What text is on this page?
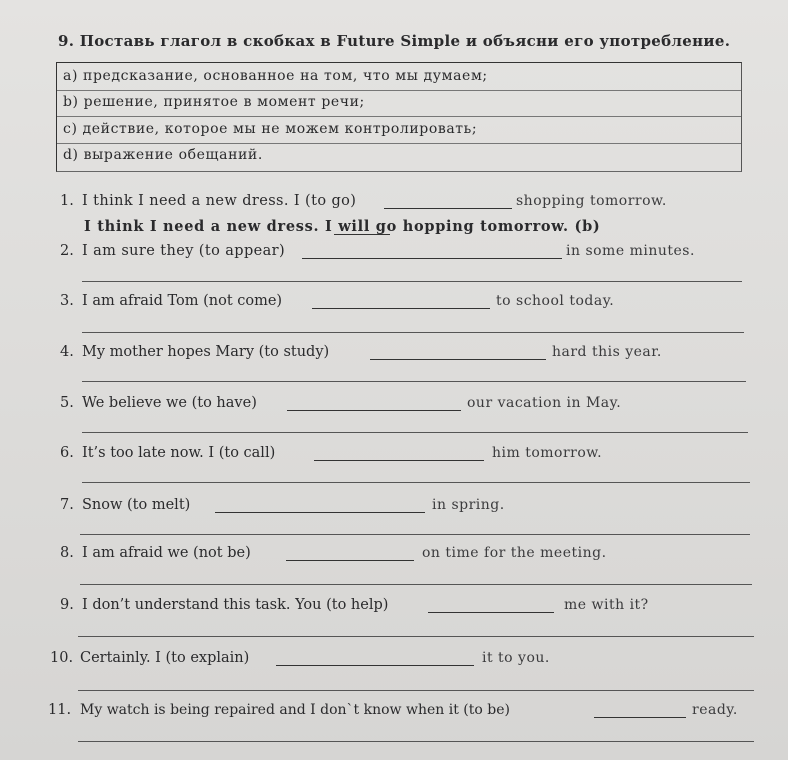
9. Поставь глагол в скобках в Future Simple и объясни его употребление.
a) предсказание, основанное на том, что мы думаем;
b) решение, принятое в момент речи;
c) действие, которое мы не можем контролировать;
d) выражение обещаний.
1. I think I need a new dress. I (to go)	shopping tomorrow.
I think I need a new dress. I will go hopping tomorrow. (b)
2. I am sure they (to appear)	in some minutes.
3. I am afraid Tom (not come)	to school today.
4. My mother hopes Mary (to study)	hard this year.
5. We believe we (to have)	our vacation in May.
6. It’s too late now. I (to call)	him tomorrow.
7. Snow (to melt)	in spring.
8. I am afraid we (not be)	on time for the meeting.
9. I don’t understand this task. You (to help)	me with it?
10. Certainly. I (to explain)	it to you.
11. My watch is being repaired and I don`t know when it (to be)	ready.
